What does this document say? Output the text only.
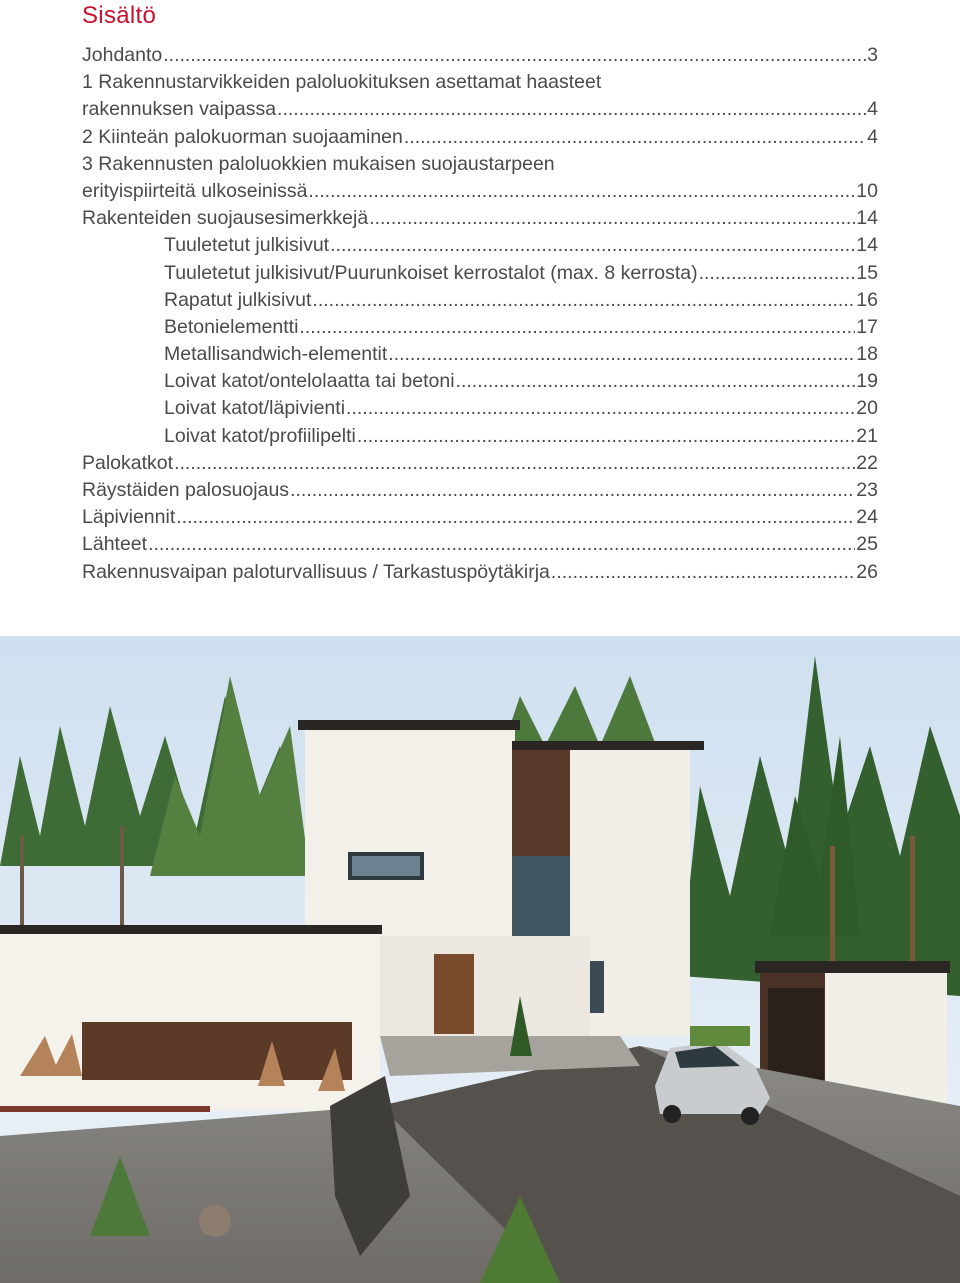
Sisältö
Johdanto .....	3
1 Rakennustarvikkeiden paloluokituksen asettamat haasteet
rakennuksen vaipassa .....	4
2 Kiinteän palokuorman suojaaminen .....	4
3 Rakennusten paloluokkien mukaisen suojaustarpeen
erityispiirteitä ulkoseinissä .....	10
Rakenteiden suojausesimerkkejä .....	14
Tuuletetut julkisivut .....	14
Tuuletetut julkisivut/Puurunkoiset kerrostalot (max. 8 kerrosta) .....	15
Rapatut julkisivut .....	16
Betonielementti .....	17
Metallisandwich-elementit .....	18
Loivat katot/ontelolaatta tai betoni .....	19
Loivat katot/läpivienti .....	20
Loivat katot/profiilipelti .....	21
Palokatkot .....	22
Räystäiden palosuojaus .....	23
Läpiviennit .....	24
Lähteet .....	25
Rakennusvaipan paloturvallisuus / Tarkastuspöytäkirja .....	26
